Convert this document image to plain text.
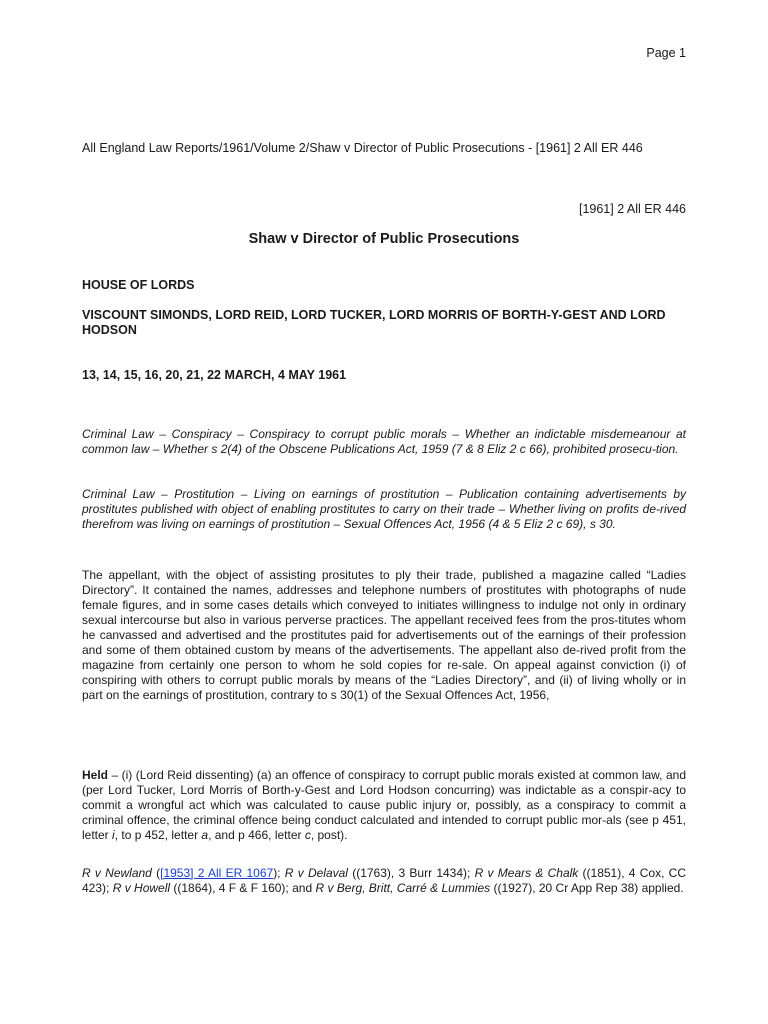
Page 1
All England Law Reports/1961/Volume 2/Shaw v Director of Public Prosecutions - [1961] 2 All ER 446
[1961] 2 All ER 446
Shaw v Director of Public Prosecutions
HOUSE OF LORDS
VISCOUNT SIMONDS, LORD REID, LORD TUCKER, LORD MORRIS OF BORTH-Y-GEST AND LORD HODSON
13, 14, 15, 16, 20, 21, 22 MARCH, 4 MAY 1961
Criminal Law – Conspiracy – Conspiracy to corrupt public morals – Whether an indictable misdemeanour at common law – Whether s 2(4) of the Obscene Publications Act, 1959 (7 & 8 Eliz 2 c 66), prohibited prosecu-tion.
Criminal Law – Prostitution – Living on earnings of prostitution – Publication containing advertisements by prostitutes published with object of enabling prostitutes to carry on their trade – Whether living on profits de-rived therefrom was living on earnings of prostitution – Sexual Offences Act, 1956 (4 & 5 Eliz 2 c 69), s 30.
The appellant, with the object of assisting prositutes to ply their trade, published a magazine called “Ladies Directory”. It contained the names, addresses and telephone numbers of prostitutes with photographs of nude female figures, and in some cases details which conveyed to initiates willingness to indulge not only in ordinary sexual intercourse but also in various perverse practices. The appellant received fees from the pros-titutes whom he canvassed and advertised and the prostitutes paid for advertisements out of the earnings of their profession and some of them obtained custom by means of the advertisements. The appellant also de-rived profit from the magazine from certainly one person to whom he sold copies for re-sale. On appeal against conviction (i) of conspiring with others to corrupt public morals by means of the “Ladies Directory”, and (ii) of living wholly or in part on the earnings of prostitution, contrary to s 30(1) of the Sexual Offences Act, 1956,
Held – (i) (Lord Reid dissenting) (a) an offence of conspiracy to corrupt public morals existed at common law, and (per Lord Tucker, Lord Morris of Borth-y-Gest and Lord Hodson concurring) was indictable as a conspir-acy to commit a wrongful act which was calculated to cause public injury or, possibly, as a conspiracy to commit a criminal offence, the criminal offence being conduct calculated and intended to corrupt public mor-als (see p 451, letter i, to p 452, letter a, and p 466, letter c, post).
R v Newland ([1953] 2 All ER 1067); R v Delaval ((1763), 3 Burr 1434); R v Mears & Chalk ((1851), 4 Cox, CC 423); R v Howell ((1864), 4 F & F 160); and R v Berg, Britt, Carré & Lummies ((1927), 20 Cr App Rep 38) applied.
